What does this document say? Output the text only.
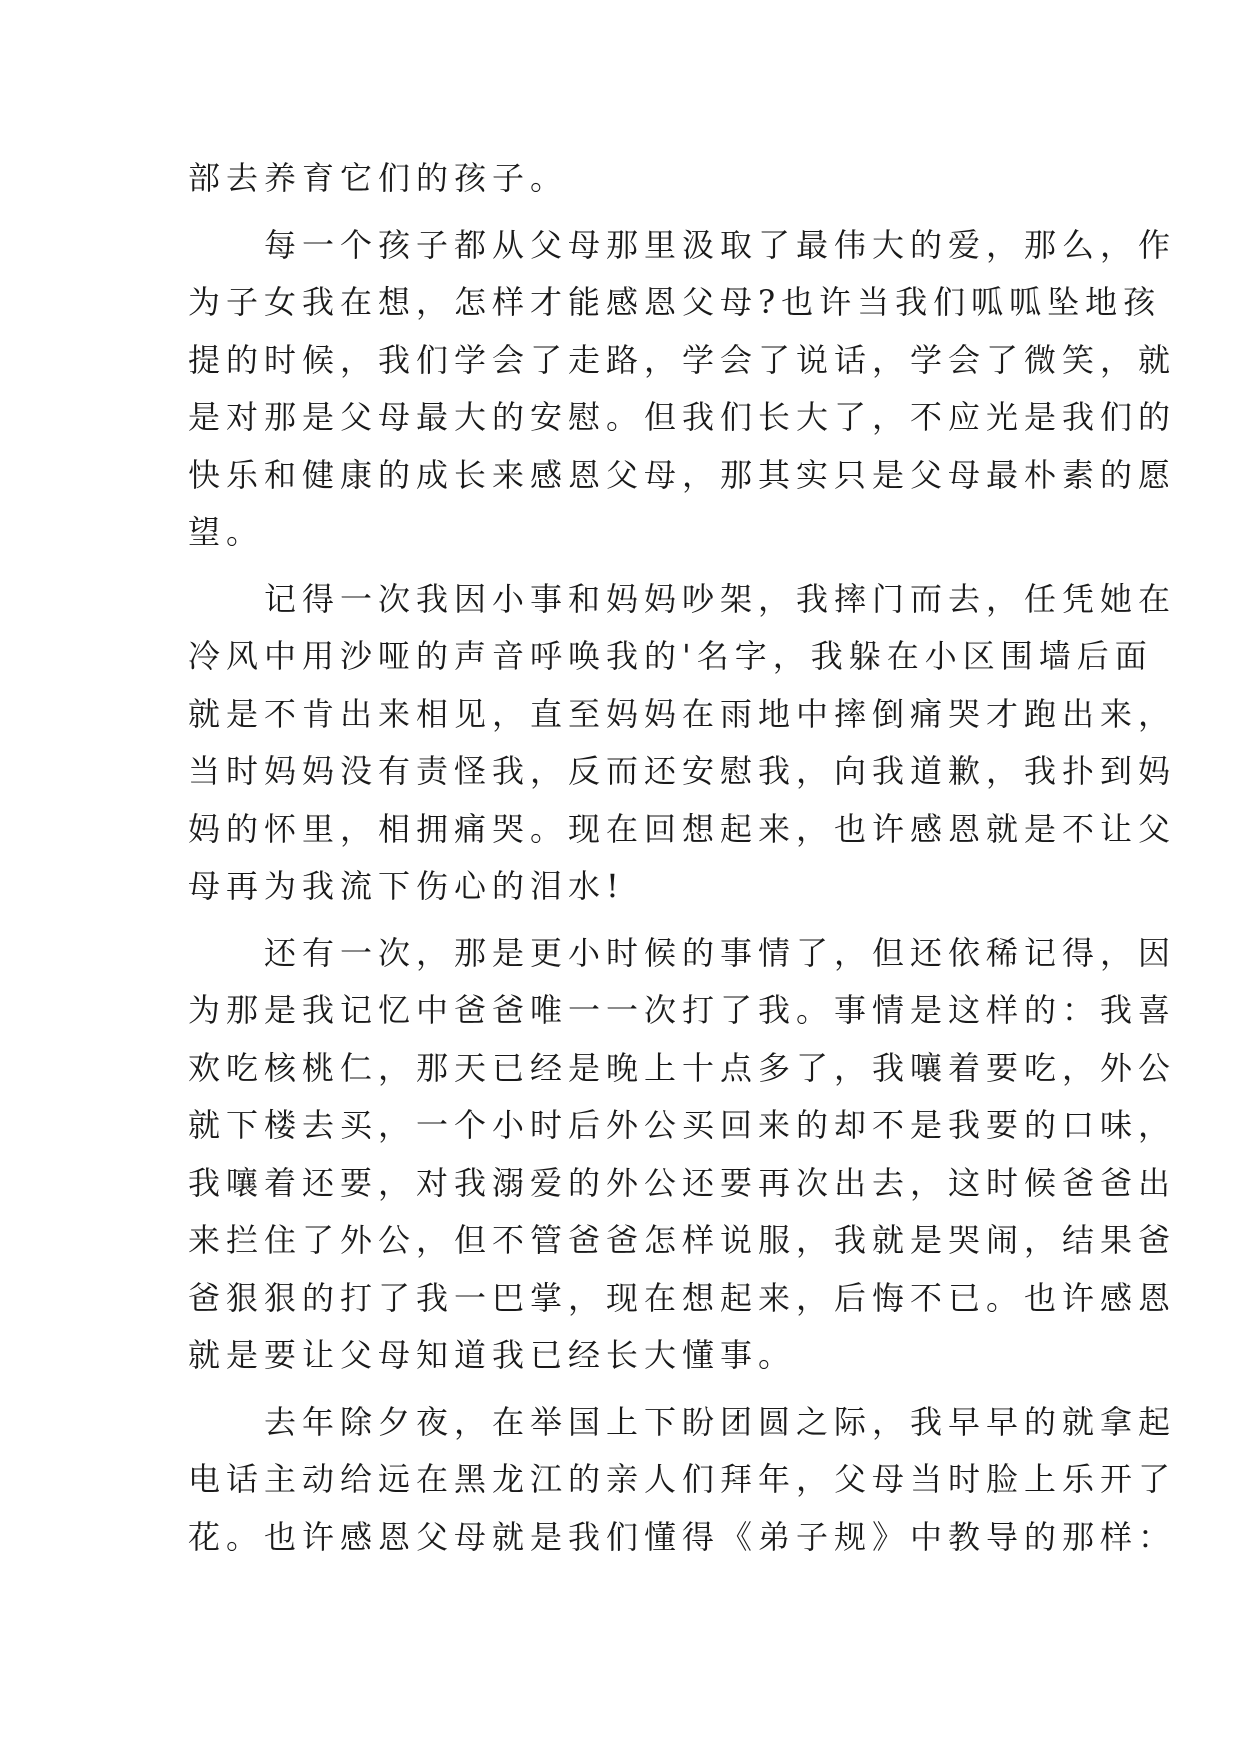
部去养育它们的孩子。
　　每一个孩子都从父母那里汲取了最伟大的爱，那么，作
为子女我在想，怎样才能感恩父母?也许当我们呱呱坠地孩
提的时候，我们学会了走路，学会了说话，学会了微笑，就
是对那是父母最大的安慰。但我们长大了，不应光是我们的
快乐和健康的成长来感恩父母，那其实只是父母最朴素的愿
望。
　　记得一次我因小事和妈妈吵架，我摔门而去，任凭她在
冷风中用沙哑的声音呼唤我的'名字，我躲在小区围墙后面
就是不肯出来相见，直至妈妈在雨地中摔倒痛哭才跑出来，
当时妈妈没有责怪我，反而还安慰我，向我道歉，我扑到妈
妈的怀里，相拥痛哭。现在回想起来，也许感恩就是不让父
母再为我流下伤心的泪水!
　　还有一次，那是更小时候的事情了，但还依稀记得，因
为那是我记忆中爸爸唯一一次打了我。事情是这样的：我喜
欢吃核桃仁，那天已经是晚上十点多了，我嚷着要吃，外公
就下楼去买，一个小时后外公买回来的却不是我要的口味，
我嚷着还要，对我溺爱的外公还要再次出去，这时候爸爸出
来拦住了外公，但不管爸爸怎样说服，我就是哭闹，结果爸
爸狠狠的打了我一巴掌，现在想起来，后悔不已。也许感恩
就是要让父母知道我已经长大懂事。
　　去年除夕夜，在举国上下盼团圆之际，我早早的就拿起
电话主动给远在黑龙江的亲人们拜年，父母当时脸上乐开了
花。也许感恩父母就是我们懂得《弟子规》中教导的那样：
